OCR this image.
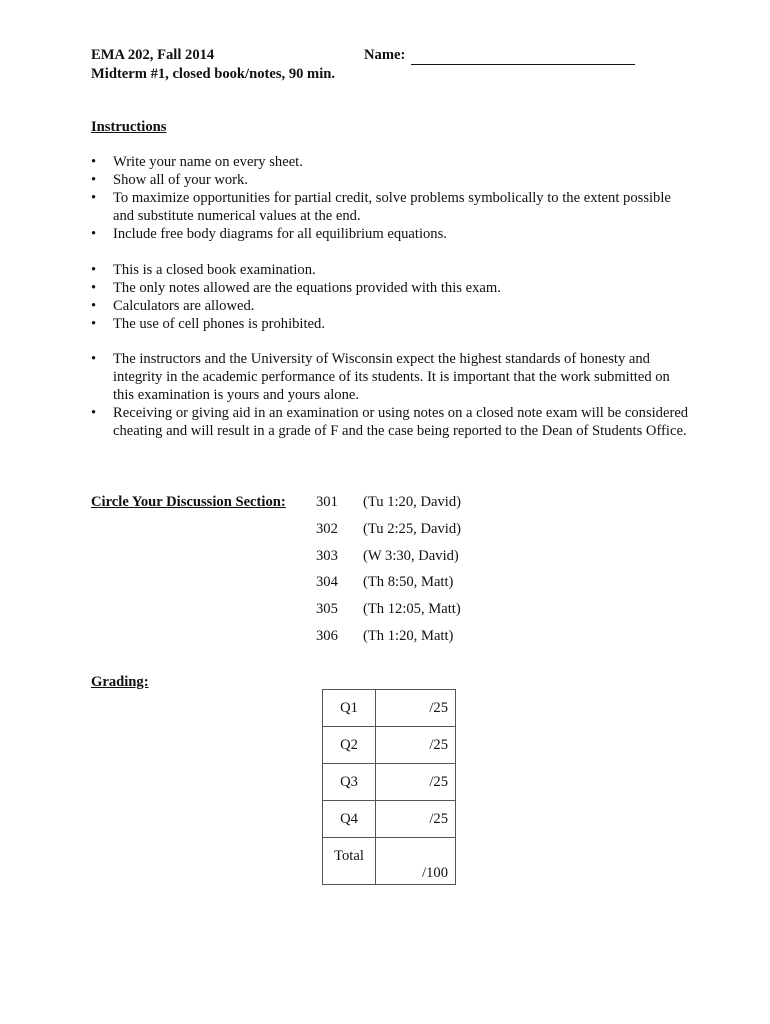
EMA 202, Fall 2014
Midterm #1, closed book/notes, 90 min.
Name:
Instructions
• Write your name on every sheet.
• Show all of your work.
• To maximize opportunities for partial credit, solve problems symbolically to the extent possible and substitute numerical values at the end.
• Include free body diagrams for all equilibrium equations.
• This is a closed book examination.
• The only notes allowed are the equations provided with this exam.
• Calculators are allowed.
• The use of cell phones is prohibited.
• The instructors and the University of Wisconsin expect the highest standards of honesty and integrity in the academic performance of its students. It is important that the work submitted on this examination is yours and yours alone.
• Receiving or giving aid in an examination or using notes on a closed note exam will be considered cheating and will result in a grade of F and the case being reported to the Dean of Students Office.
Circle Your Discussion Section: 301	(Tu 1:20, David)
302	(Tu 2:25, David)
303	(W 3:30, David)
304	(Th 8:50, Matt)
305	(Th 12:05, Matt)
306	(Th 1:20, Matt)
Grading:
Q1	/25
Q2	/25
Q3	/25
Q4	/25
Total	/100
